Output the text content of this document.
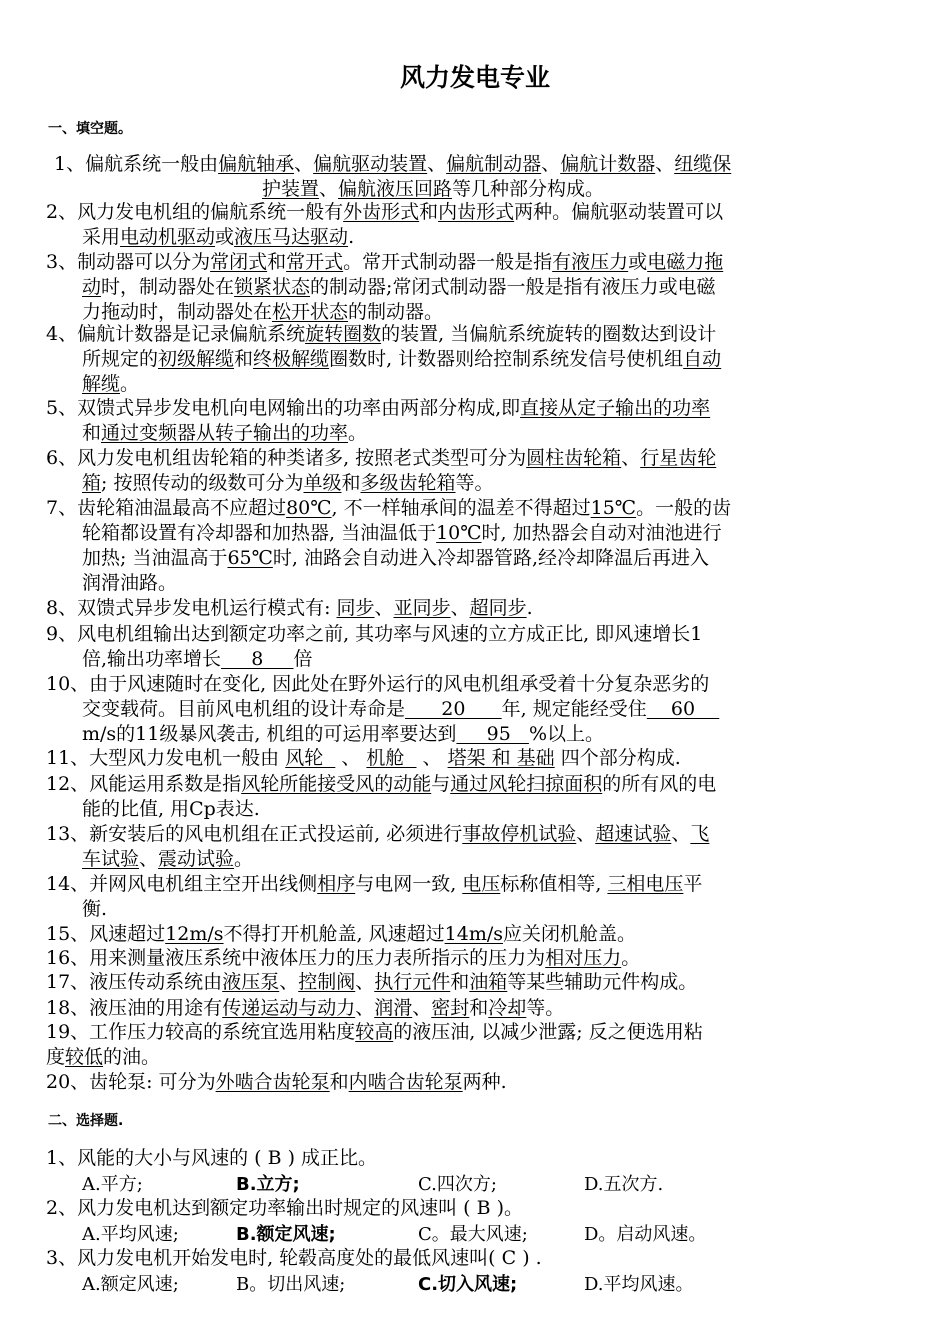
风力发电专业
一、填空题。
1、偏航系统一般由偏航轴承、偏航驱动装置、偏航制动器、偏航计数器、纽缆保
护装置、偏航液压回路等几种部分构成。
2、风力发电机组的偏航系统一般有外齿形式和内齿形式两种。偏航驱动装置可以
采用电动机驱动或液压马达驱动.
3、制动器可以分为常闭式和常开式。常开式制动器一般是指有液压力或电磁力拖
动时，制动器处在锁紧状态的制动器;常闭式制动器一般是指有液压力或电磁
力拖动时，制动器处在松开状态的制动器。
4、偏航计数器是记录偏航系统旋转圈数的装置, 当偏航系统旋转的圈数达到设计
所规定的初级解缆和终极解缆圈数时, 计数器则给控制系统发信号使机组自动
解缆。
5、双馈式异步发电机向电网输出的功率由两部分构成,即直接从定子输出的功率
和通过变频器从转子输出的功率。
6、风力发电机组齿轮箱的种类诸多, 按照老式类型可分为圆柱齿轮箱、行星齿轮
箱; 按照传动的级数可分为单级和多级齿轮箱等。
7、齿轮箱油温最高不应超过80℃, 不一样轴承间的温差不得超过15℃。一般的齿
轮箱都设置有冷却器和加热器, 当油温低于10℃时, 加热器会自动对油池进行
加热; 当油温高于65℃时, 油路会自动进入冷却器管路,经冷却降温后再进入
润滑油路。
8、双馈式异步发电机运行模式有: 同步、亚同步、超同步.
9、风电机组输出达到额定功率之前, 其功率与风速的立方成正比, 即风速增长1
倍,输出功率增长     8     倍
10、由于风速随时在变化, 因此处在野外运行的风电机组承受着十分复杂恶劣的
交变载荷。目前风电机组的设计寿命是      20      年, 规定能经受住    60
m/s的11级暴风袭击, 机组的可运用率要达到     95   %以上。
11、大型风力发电机一般由 风轮   、 机舱   、 塔架 和 基础 四个部分构成.
12、风能运用系数是指风轮所能接受风的动能与通过风轮扫掠面积的所有风的电
能的比值, 用Cp表达.
13、新安装后的风电机组在正式投运前, 必须进行事故停机试验、超速试验、飞
车试验、震动试验。
14、并网风电机组主空开出线侧相序与电网一致, 电压标称值相等, 三相电压平
衡.
15、风速超过12m/s不得打开机舱盖, 风速超过14m/s应关闭机舱盖。
16、用来测量液压系统中液体压力的压力表所指示的压力为相对压力。
17、液压传动系统由液压泵、控制阀、执行元件和油箱等某些辅助元件构成。
18、液压油的用途有传递运动与动力、润滑、密封和冷却等。
19、工作压力较高的系统宜选用粘度较高的液压油, 以减少泄露; 反之便选用粘
度较低的油。
20、齿轮泵: 可分为外啮合齿轮泵和内啮合齿轮泵两种.
二、选择题.
1、风能的大小与风速的 ( B ) 成正比。
A.平方;	B.立方;	C.四次方;	D.五次方.
2、风力发电机达到额定功率输出时规定的风速叫 ( B )。
A.平均风速;	B.额定风速;	C。最大风速;	D。启动风速。
3、风力发电机开始发电时, 轮毂高度处的最低风速叫( C ) .
A.额定风速;	B。切出风速;	C.切入风速;	D.平均风速。
